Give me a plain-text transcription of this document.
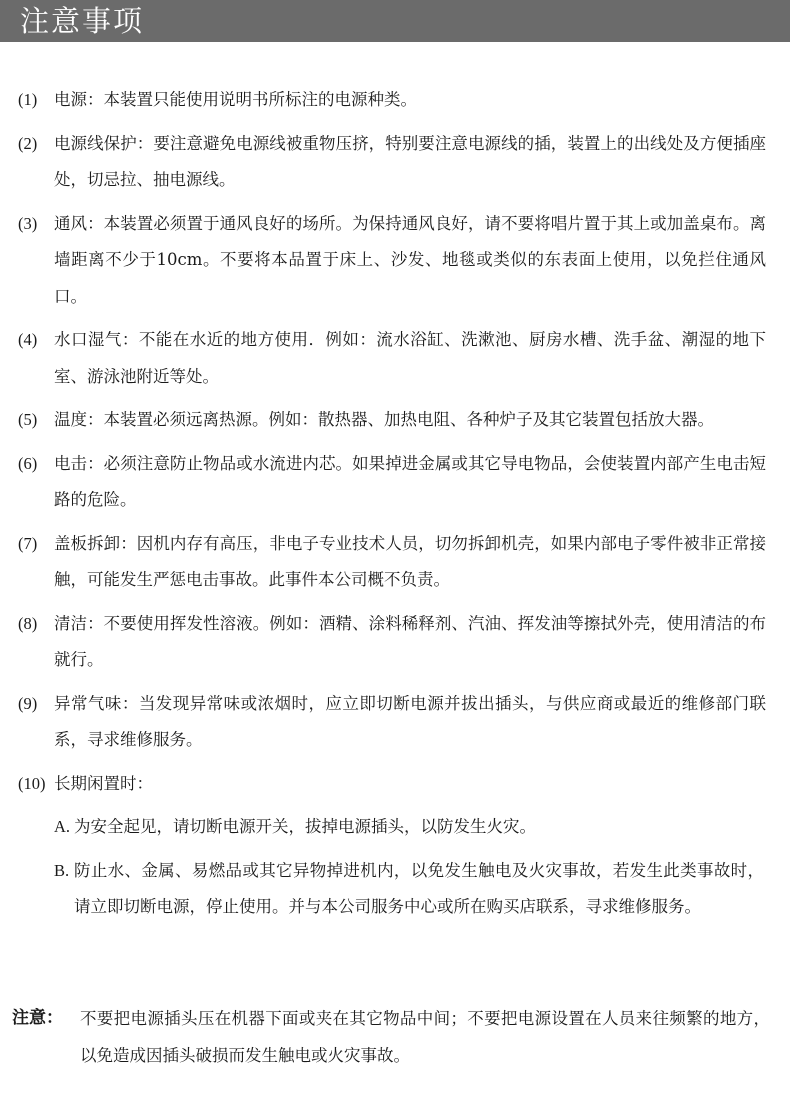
注意事项
(1) 电源：本装置只能使用说明书所标注的电源种类。
(2) 电源线保护：要注意避免电源线被重物压挤，特别要注意电源线的插，装置上的出线处及方便插座处，切忌拉、抽电源线。
(3) 通风：本装置必须置于通风良好的场所。为保持通风良好，请不要将唱片置于其上或加盖桌布。离墙距离不少于10cm。不要将本品置于床上、沙发、地毯或类似的东表面上使用，以免拦住通风口。
(4) 水口湿气：不能在水近的地方使用．例如：流水浴缸、洗漱池、厨房水槽、洗手盆、潮湿的地下室、游泳池附近等处。
(5) 温度：本装置必须远离热源。例如：散热器、加热电阻、各种炉子及其它装置包括放大器。
(6) 电击：必须注意防止物品或水流进内芯。如果掉进金属或其它导电物品，会使装置内部产生电击短路的危险。
(7) 盖板拆卸：因机内存有高压，非电子专业技术人员，切勿拆卸机壳，如果内部电子零件被非正常接触，可能发生严惩电击事故。此事件本公司概不负责。
(8) 清洁：不要使用挥发性溶液。例如：酒精、涂料稀释剂、汽油、挥发油等擦拭外壳，使用清洁的布就行。
(9) 异常气味：当发现异常味或浓烟时，应立即切断电源并拔出插头，与供应商或最近的维修部门联系，寻求维修服务。
(10) 长期闲置时：
A. 为安全起见，请切断电源开关，拔掉电源插头，以防发生火灾。
B. 防止水、金属、易燃品或其它异物掉进机内，以免发生触电及火灾事故，若发生此类事故时，请立即切断电源，停止使用。并与本公司服务中心或所在购买店联系，寻求维修服务。
注意： 不要把电源插头压在机器下面或夹在其它物品中间；不要把电源设置在人员来往频繁的地方，以免造成因插头破损而发生触电或火灾事故。
